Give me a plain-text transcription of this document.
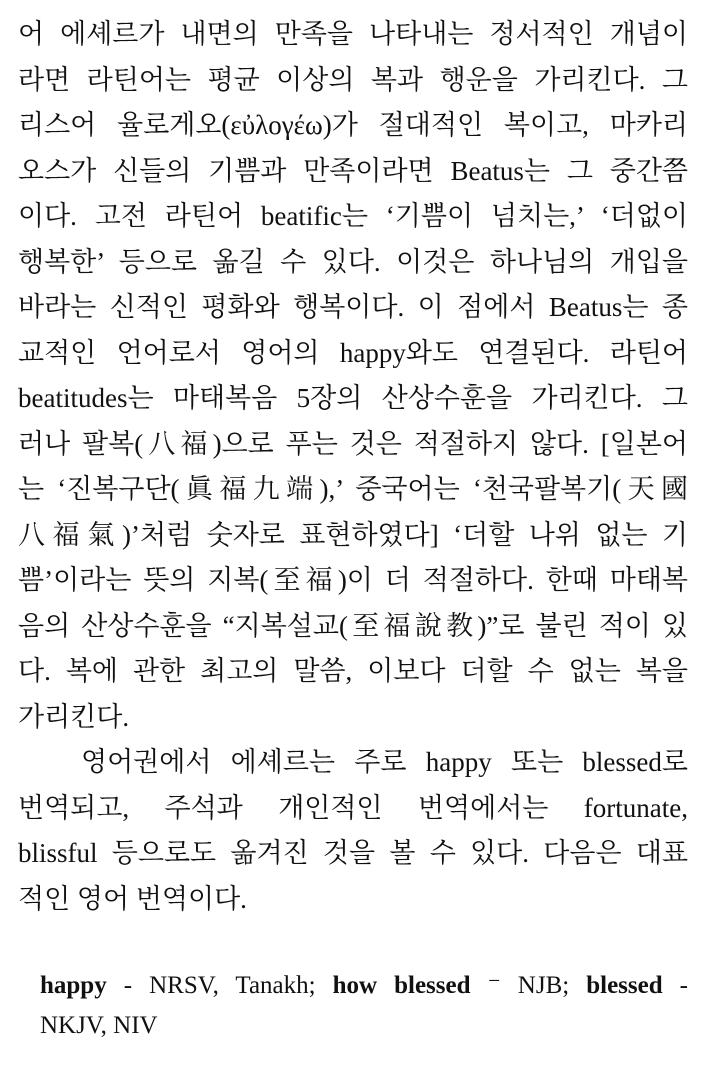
어 에셰르가 내면의 만족을 나타내는 정서적인 개념이
라면 라틴어는 평균 이상의 복과 행운을 가리킨다. 그
리스어 율로게오(εὐλογέω)가 절대적인 복이고, 마카리
오스가 신들의 기쁨과 만족이라면 Beatus는 그 중간쯤
이다. 고전 라틴어 beatific는 ‘기쁨이 넘치는,’ ‘더없이
행복한’ 등으로 옮길 수 있다. 이것은 하나님의 개입을
바라는 신적인 평화와 행복이다. 이 점에서 Beatus는 종
교적인 언어로서 영어의 happy와도 연결된다. 라틴어
beatitudes는 마태복음 5장의 산상수훈을 가리킨다. 그
러나 팔복(八福)으로 푸는 것은 적절하지 않다. [일본어
는 ‘진복구단(眞福九端),’ 중국어는 ‘천국팔복기(天國
八福氣)’처럼 숫자로 표현하였다] ‘더할 나위 없는 기
쁨’이라는 뜻의 지복(至福)이 더 적절하다. 한때 마태복
음의 산상수훈을 “지복설교(至福說教)”로 불린 적이 있
다. 복에 관한 최고의 말씀, 이보다 더할 수 없는 복을
가리킨다.
영어권에서 에셰르는 주로 happy 또는 blessed로
번역되고, 주석과 개인적인 번역에서는 fortunate,
blissful 등으로도 옮겨진 것을 볼 수 있다. 다음은 대표
적인 영어 번역이다.
happy - NRSV, Tanakh; how blessed ⁻ NJB; blessed -
NKJV, NIV
